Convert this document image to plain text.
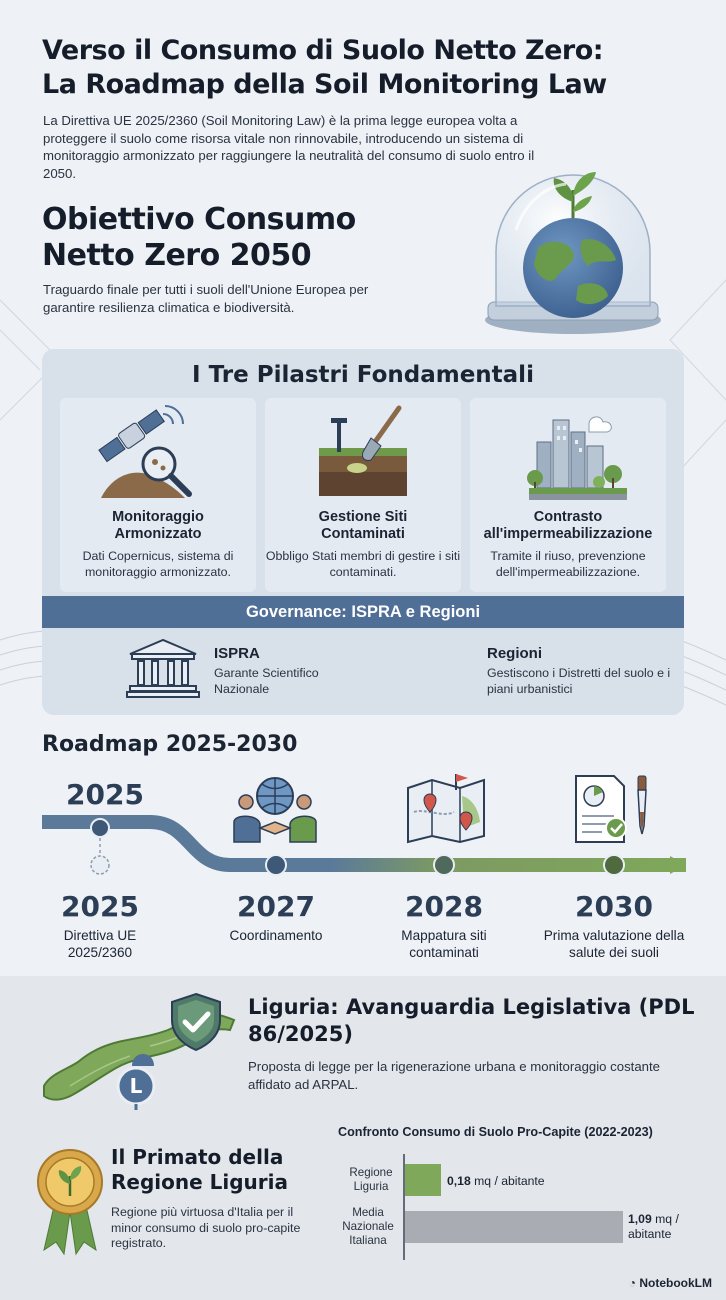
Verso il Consumo di Suolo Netto Zero:
La Roadmap della Soil Monitoring Law
La Direttiva UE 2025/2360 (Soil Monitoring Law) è la prima legge europea volta a proteggere il suolo come risorsa vitale non rinnovabile, introducendo un sistema di monitoraggio armonizzato per raggiungere la neutralità del consumo di suolo entro il 2050.
Obiettivo Consumo
Netto Zero 2050
Traguardo finale per tutti i suoli dell'Unione Europea per garantire resilienza climatica e biodiversità.
I Tre Pilastri Fondamentali
Monitoraggio
Armonizzato
Dati Copernicus, sistema di monitoraggio armonizzato.
Gestione Siti
Contaminati
Obbligo Stati membri di gestire i siti contaminati.
Contrasto
all'impermeabilizzazione
Tramite il riuso, prevenzione dell'impermeabilizzazione.
Governance: ISPRA e Regioni
ISPRA
Garante Scientifico Nazionale
Regioni
Gestiscono i Distretti del suolo e i piani urbanistici
Roadmap 2025-2030
2025
2025
Direttiva UE 2025/2360
2027
Coordinamento
2028
Mappatura siti contaminati
2030
Prima valutazione della salute dei suoli
L
Liguria: Avanguardia Legislativa (PDL 86/2025)
Proposta di legge per la rigenerazione urbana e monitoraggio costante affidato ad ARPAL.
Il Primato della Regione Liguria
Regione più virtuosa d'Italia per il minor consumo di suolo pro-capite registrato.
Confronto Consumo di Suolo Pro-Capite (2022-2023)
Regione Liguria
Media Nazionale Italiana
0,18 mq / abitante
1,09 mq / abitante
◔ NotebookLM
